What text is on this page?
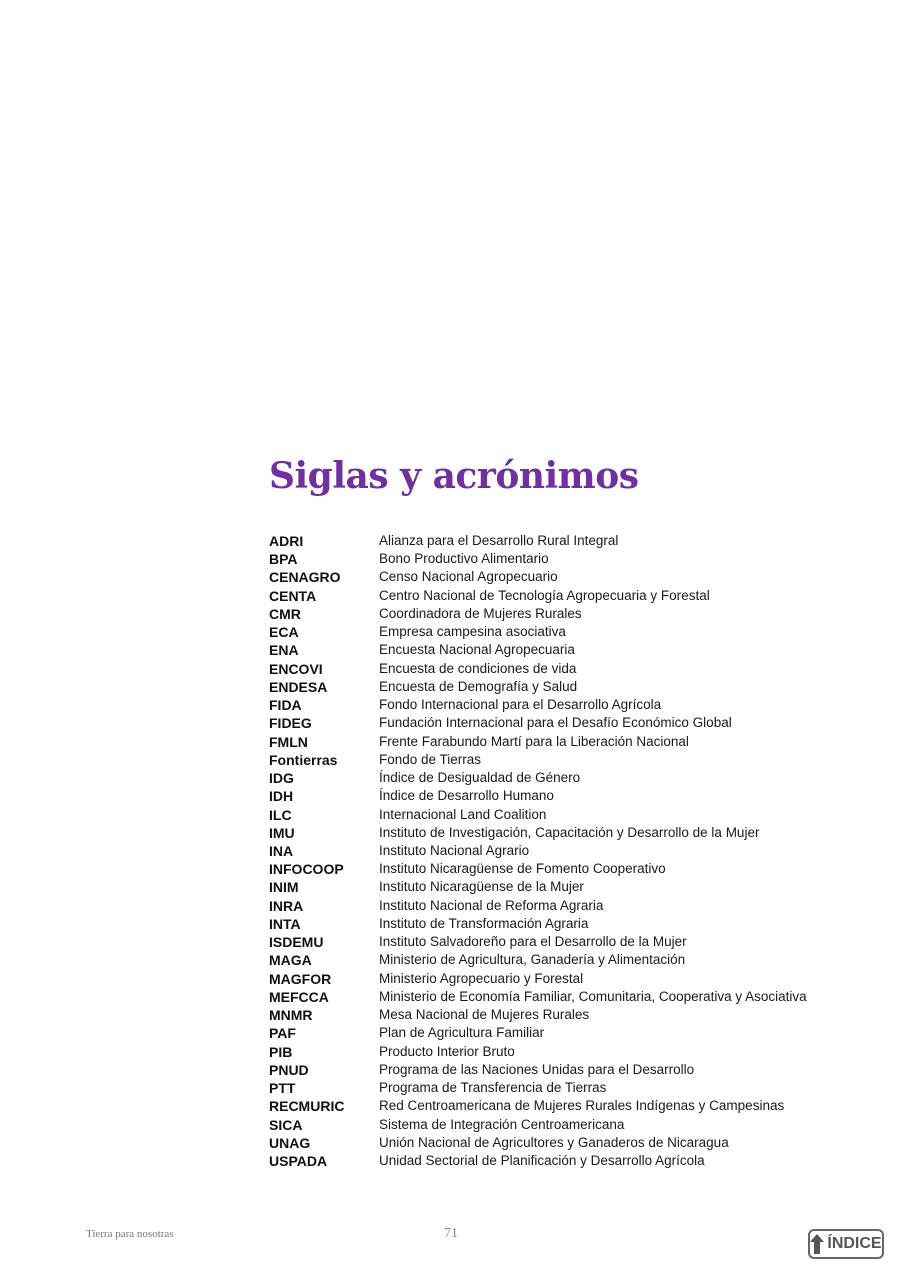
Siglas y acrónimos
ADRI	Alianza para el Desarrollo Rural Integral
BPA	Bono Productivo Alimentario
CENAGRO	Censo Nacional Agropecuario
CENTA	Centro Nacional de Tecnología Agropecuaria y Forestal
CMR	Coordinadora de Mujeres Rurales
ECA	Empresa campesina asociativa
ENA	Encuesta Nacional Agropecuaria
ENCOVI	Encuesta de condiciones de vida
ENDESA	Encuesta de Demografía y Salud
FIDA	Fondo Internacional para el Desarrollo Agrícola
FIDEG	Fundación Internacional para el Desafío Económico Global
FMLN	Frente Farabundo Martí para la Liberación Nacional
Fontierras	Fondo de Tierras
IDG	Índice de Desigualdad de Género
IDH	Índice de Desarrollo Humano
ILC	Internacional Land Coalition
IMU	Instituto de Investigación, Capacitación y Desarrollo de la Mujer
INA	Instituto Nacional Agrario
INFOCOOP	Instituto Nicaragüense de Fomento Cooperativo
INIM	Instituto Nicaragüense de la Mujer
INRA	Instituto Nacional de Reforma Agraria
INTA	Instituto de Transformación Agraria
ISDEMU	Instituto Salvadoreño para el Desarrollo de la Mujer
MAGA	Ministerio de Agricultura, Ganadería y Alimentación
MAGFOR	Ministerio Agropecuario y Forestal
MEFCCA	Ministerio de Economía Familiar, Comunitaria, Cooperativa y Asociativa
MNMR	Mesa Nacional de Mujeres Rurales
PAF	Plan de Agricultura Familiar
PIB	Producto Interior Bruto
PNUD	Programa de las Naciones Unidas para el Desarrollo
PTT	Programa de Transferencia de Tierras
RECMURIC	Red Centroamericana de Mujeres Rurales Indígenas y Campesinas
SICA	Sistema de Integración Centroamericana
UNAG	Unión Nacional de Agricultores y Ganaderos de Nicaragua
USPADA	Unidad Sectorial de Planificación y Desarrollo Agrícola
Tierra para nosotras	71
ÍNDICE
